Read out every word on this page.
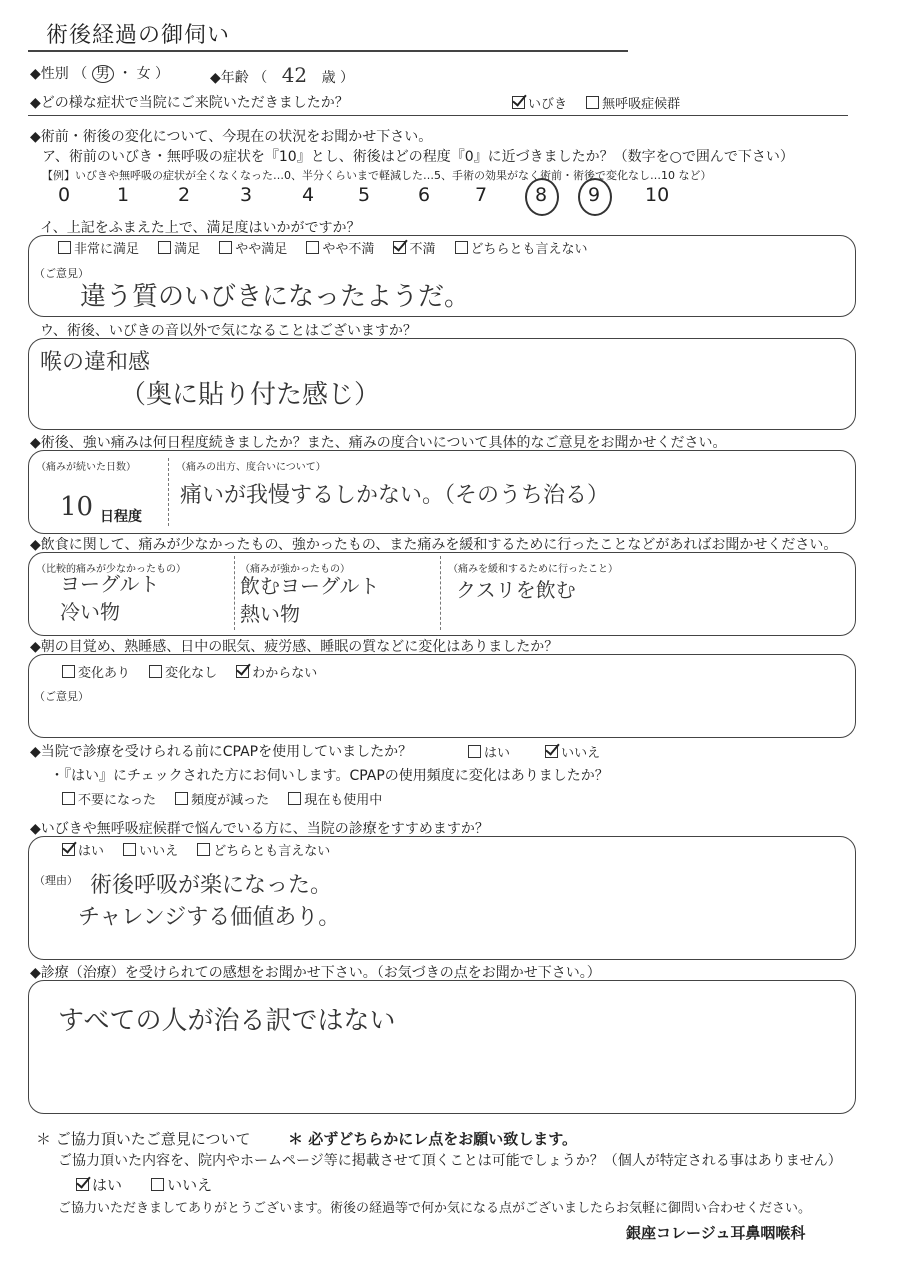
術後経過の御伺い
◆性別 （ 男 ・ 女 ）	◆年齢 （ 42 歳 ）
◆どの様な症状で当院にご来院いただきましたか？	いびき	無呼吸症候群
◆術前・術後の変化について、今現在の状況をお聞かせ下さい。
ア、術前のいびき・無呼吸の症状を『10』とし、術後はどの程度『0』に近づきましたか？（数字を○で囲んで下さい）
【例】いびきや無呼吸の症状が全くなくなった…0、半分くらいまで軽減した…5、手術の効果がなく術前・術後で変化なし…10 など）
0 1	2	3	4 5	6 7	8 9 10
イ、上記をふまえた上で、満足度はいかがですか？
非常に満足	満足	やや満足	やや不満	不満	どちらとも言えない
（ご意見）
違う質のいびきになったようだ。
ウ、術後、いびきの音以外で気になることはございますか？
喉の違和感
（奥に貼り付た感じ）
◆術後、強い痛みは何日程度続きましたか？また、痛みの度合いについて具体的なご意見をお聞かせください。
（痛みが続いた日数）
10 日程度
（痛みの出方、度合いについて）
痛いが我慢するしかない。（そのうち治る）
◆飲食に関して、痛みが少なかったもの、強かったもの、また痛みを緩和するために行ったことなどがあればお聞かせください。
（比較的痛みが少なかったもの）
ヨーグルト
冷い物
（痛みが強かったもの）
飲むヨーグルト
熱い物
（痛みを緩和するために行ったこと）
クスリを飲む
◆朝の目覚め、熟睡感、日中の眠気、疲労感、睡眠の質などに変化はありましたか？
変化あり	変化なし	わからない
（ご意見）
◆当院で診療を受けられる前にCPAPを使用していましたか？	はい	いいえ
・『はい』にチェックされた方にお伺いします。CPAPの使用頻度に変化はありましたか？
不要になった	頻度が減った	現在も使用中
◆いびきや無呼吸症候群で悩んでいる方に、当院の診療をすすめますか？
はい	いいえ	どちらとも言えない
（理由） 術後呼吸が楽になった。
チャレンジする価値あり。
◆診療（治療）を受けられての感想をお聞かせ下さい。（お気づきの点をお聞かせ下さい。）
すべての人が治る訳ではない
＊ ご協力頂いたご意見について	＊ 必ずどちらかにレ点をお願い致します。
ご協力頂いた内容を、院内やホームページ等に掲載させて頂くことは可能でしょうか？（個人が特定される事はありません）
はい	いいえ
ご協力いただきましてありがとうございます。術後の経過等で何か気になる点がございましたらお気軽に御問い合わせください。
銀座コレージュ耳鼻咽喉科
